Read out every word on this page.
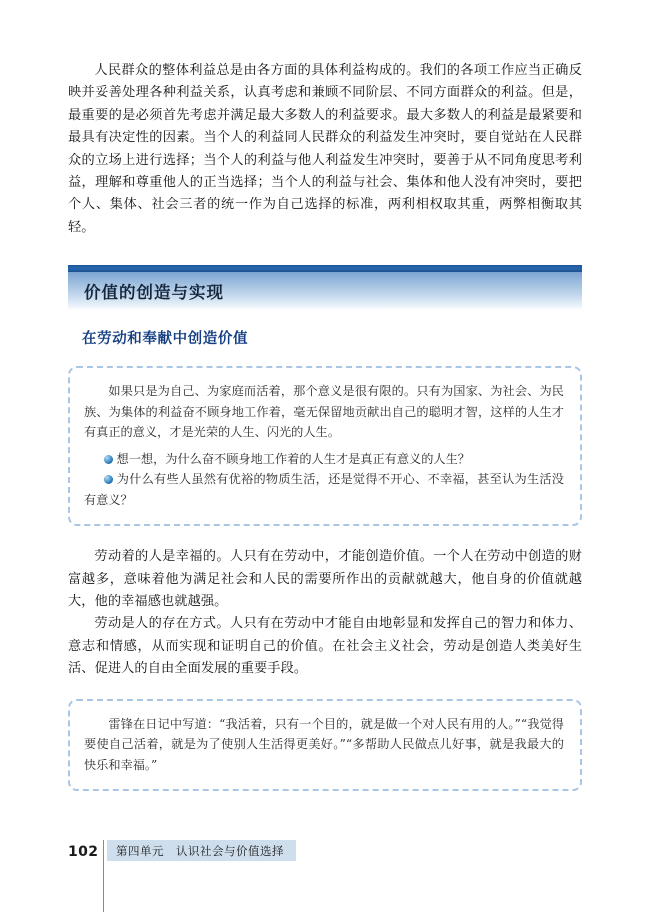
人民群众的整体利益总是由各方面的具体利益构成的。我们的各项工作应当正确反映并妥善处理各种利益关系，认真考虑和兼顾不同阶层、不同方面群众的利益。但是，最重要的是必须首先考虑并满足最大多数人的利益要求。最大多数人的利益是最紧要和最具有决定性的因素。当个人的利益同人民群众的利益发生冲突时，要自觉站在人民群众的立场上进行选择；当个人的利益与他人利益发生冲突时，要善于从不同角度思考利益，理解和尊重他人的正当选择；当个人的利益与社会、集体和他人没有冲突时，要把个人、集体、社会三者的统一作为自己选择的标准，两利相权取其重，两弊相衡取其轻。

价值的创造与实现
在劳动和奉献中创造价值

如果只是为自己、为家庭而活着，那个意义是很有限的。只有为国家、为社会、为民族、为集体的利益奋不顾身地工作着，毫无保留地贡献出自己的聪明才智，这样的人生才有真正的意义，才是光荣的人生、闪光的人生。

想一想，为什么奋不顾身地工作着的人生才是真正有意义的人生？
为什么有些人虽然有优裕的物质生活，还是觉得不开心、不幸福，甚至认为生活没有意义？

劳动着的人是幸福的。人只有在劳动中，才能创造价值。一个人在劳动中创造的财富越多，意味着他为满足社会和人民的需要所作出的贡献就越大，他自身的价值就越大，他的幸福感也就越强。

劳动是人的存在方式。人只有在劳动中才能自由地彰显和发挥自己的智力和体力、意志和情感，从而实现和证明自己的价值。在社会主义社会，劳动是创造人类美好生活、促进人的自由全面发展的重要手段。

雷锋在日记中写道：“我活着，只有一个目的，就是做一个对人民有用的人。”“我觉得要使自己活着，就是为了使别人生活得更美好。”“多帮助人民做点儿好事，就是我最大的快乐和幸福。”

102 第四单元　认识社会与价值选择
